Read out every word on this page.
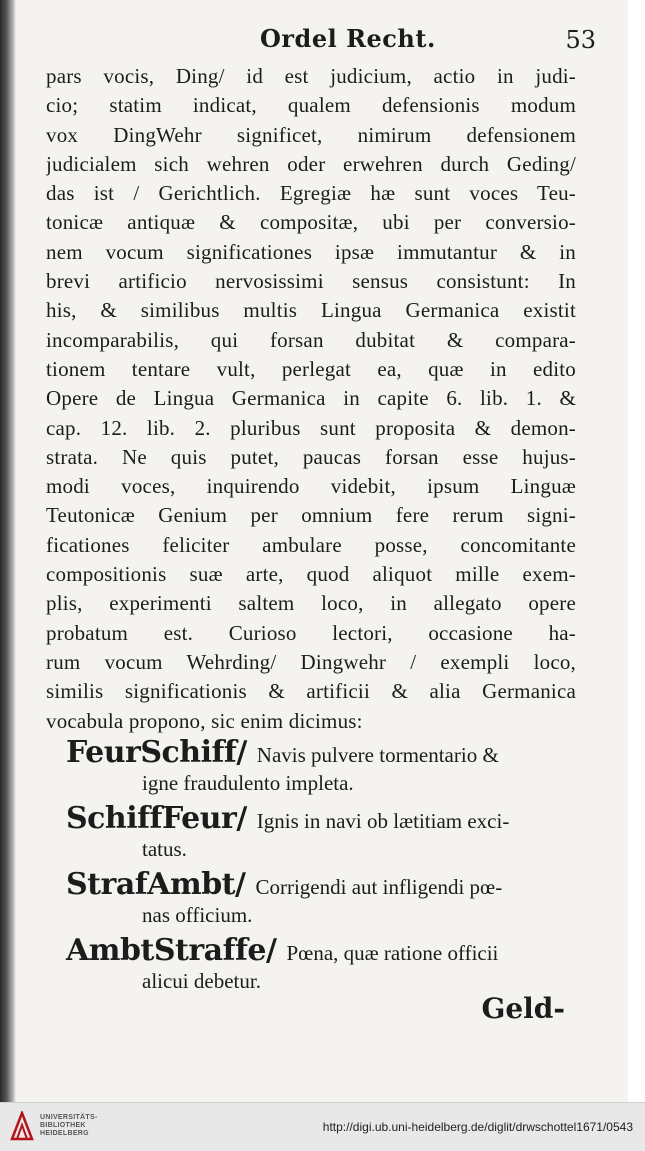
Ordel Recht.	53
pars vocis, Ding/ id est judicium, actio in judi-
cio; statim indicat, qualem defensionis modum
vox DingWehr significet, nimirum defensionem
judicialem sich wehren oder erwehren durch Geding/
das ist / Gerichtlich. Egregiæ hæ sunt voces Teu-
tonicæ antiquæ & compositæ, ubi per conversio-
nem vocum significationes ipsæ immutantur & in
brevi artificio nervosissimi sensus consistunt: In
his, & similibus multis Lingua Germanica existit
incomparabilis, qui forsan dubitat & compara-
tionem tentare vult, perlegat ea, quæ in edito
Opere de Lingua Germanica in capite 6. lib. 1. &
cap. 12. lib. 2. pluribus sunt proposita & demon-
strata. Ne quis putet, paucas forsan esse hujus-
modi voces, inquirendo videbit, ipsum Linguæ
Teutonicæ Genium per omnium fere rerum signi-
ficationes feliciter ambulare posse, concomitante
compositionis suæ arte, quod aliquot mille exem-
plis, experimenti saltem loco, in allegato opere
probatum est. Curioso lectori, occasione ha-
rum vocum Wehrding/ Dingwehr / exempli loco,
similis significationis & artificii & alia Germanica
vocabula propono, sic enim dicimus:
FeurSchiff/ Navis pulvere tormentario &
igne fraudulento impleta.
SchiffFeur/ Ignis in navi ob lætitiam exci-
tatus.
StrafAmbt/ Corrigendi aut infligendi pœ-
nas officium.
AmbtStraffe/ Pœna, quæ ratione officii
alicui debetur.
Geld-
UNIVERSITÄTS-
BIBLIOTHEK
HEIDELBERG	http://digi.ub.uni-heidelberg.de/diglit/drwschottel1671/0543
